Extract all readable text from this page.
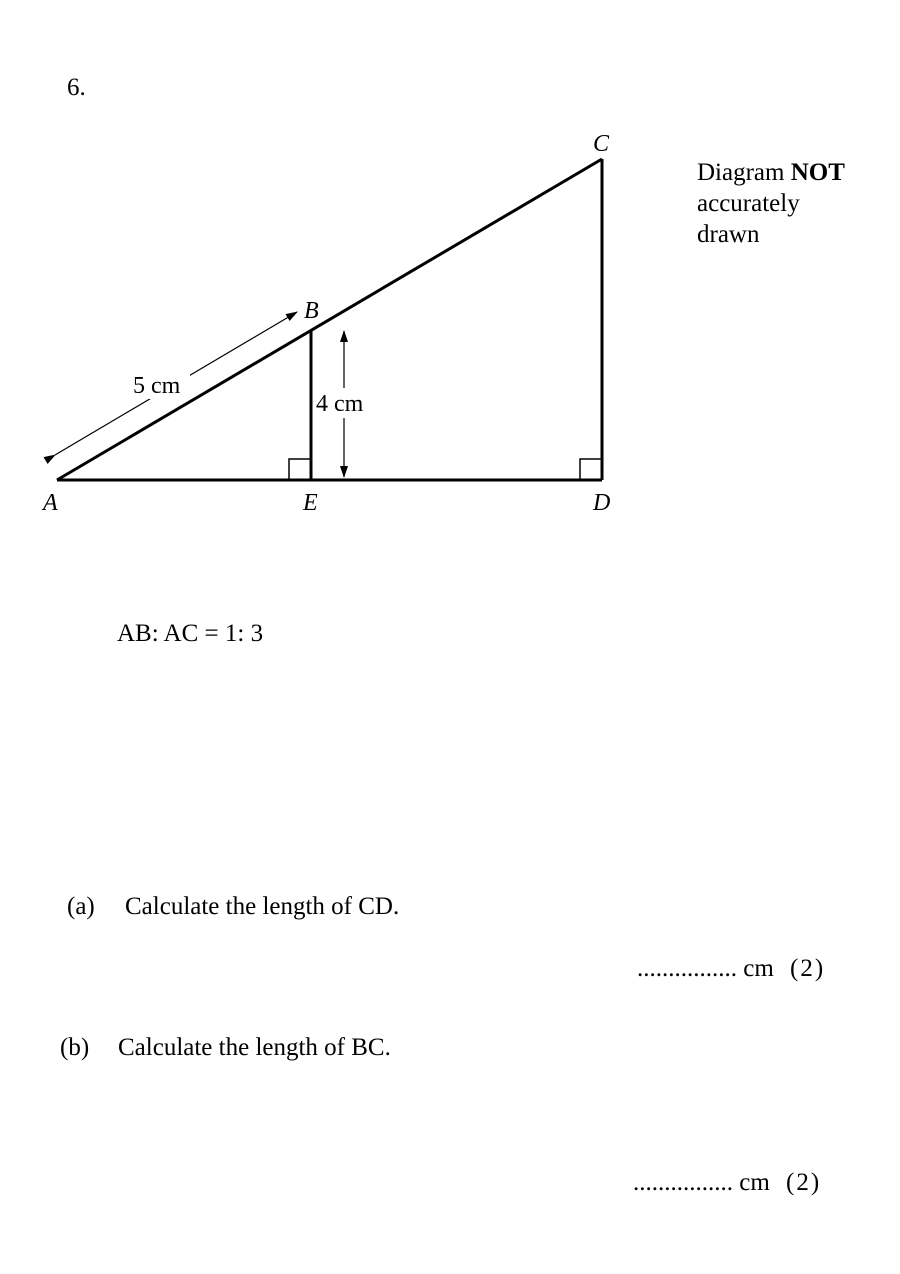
6.
5 cm
4 cm
A
B
C
D
E
Diagram NOT
accurately
drawn
AB: AC = 1: 3
(a) Calculate the length of CD.
................ cm (2)
(b) Calculate the length of BC.
................ cm (2)
